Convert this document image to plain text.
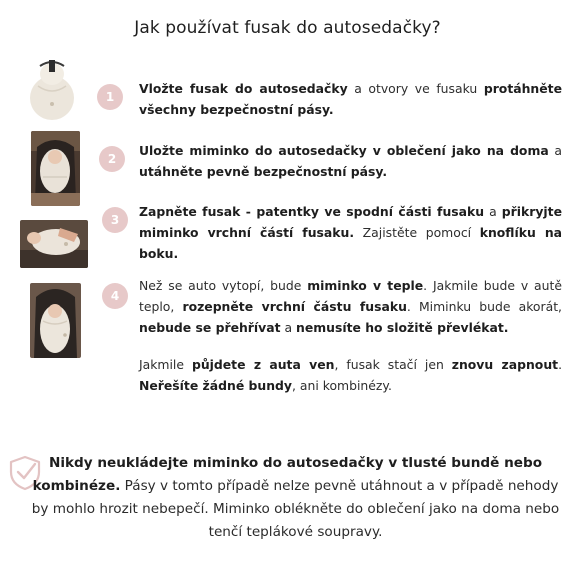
Jak používat fusak do autosedačky?
1

Vložte fusak do autosedačky a otvory ve fusaku protáhněte všechny bezpečnostní pásy.

2

Uložte miminko do autosedačky v oblečení jako na doma a utáhněte pevně bezpečnostní pásy.

3

Zapněte fusak - patentky ve spodní části fusaku a přikryjte miminko vrchní částí fusaku. Zajistěte pomocí knoflíku na boku.

4

Než se auto vytopí, bude miminko v teple. Jakmile bude v autě teplo, rozepněte vrchní částu fusaku. Miminku bude akorát, nebude se přehřívat a nemusíte ho složitě převlékat.

Jakmile půjdete z auta ven, fusak stačí jen znovu zapnout. Neřešíte žádné bundy, ani kombinézy.

Nikdy neukládejte miminko do autosedačky v tlusté bundě nebo kombinéze. Pásy v tomto případě nelze pevně utáhnout a v případě nehody by mohlo hrozit nebepečí. Miminko oblékněte do oblečení jako na doma nebo tenčí teplákové soupravy.
